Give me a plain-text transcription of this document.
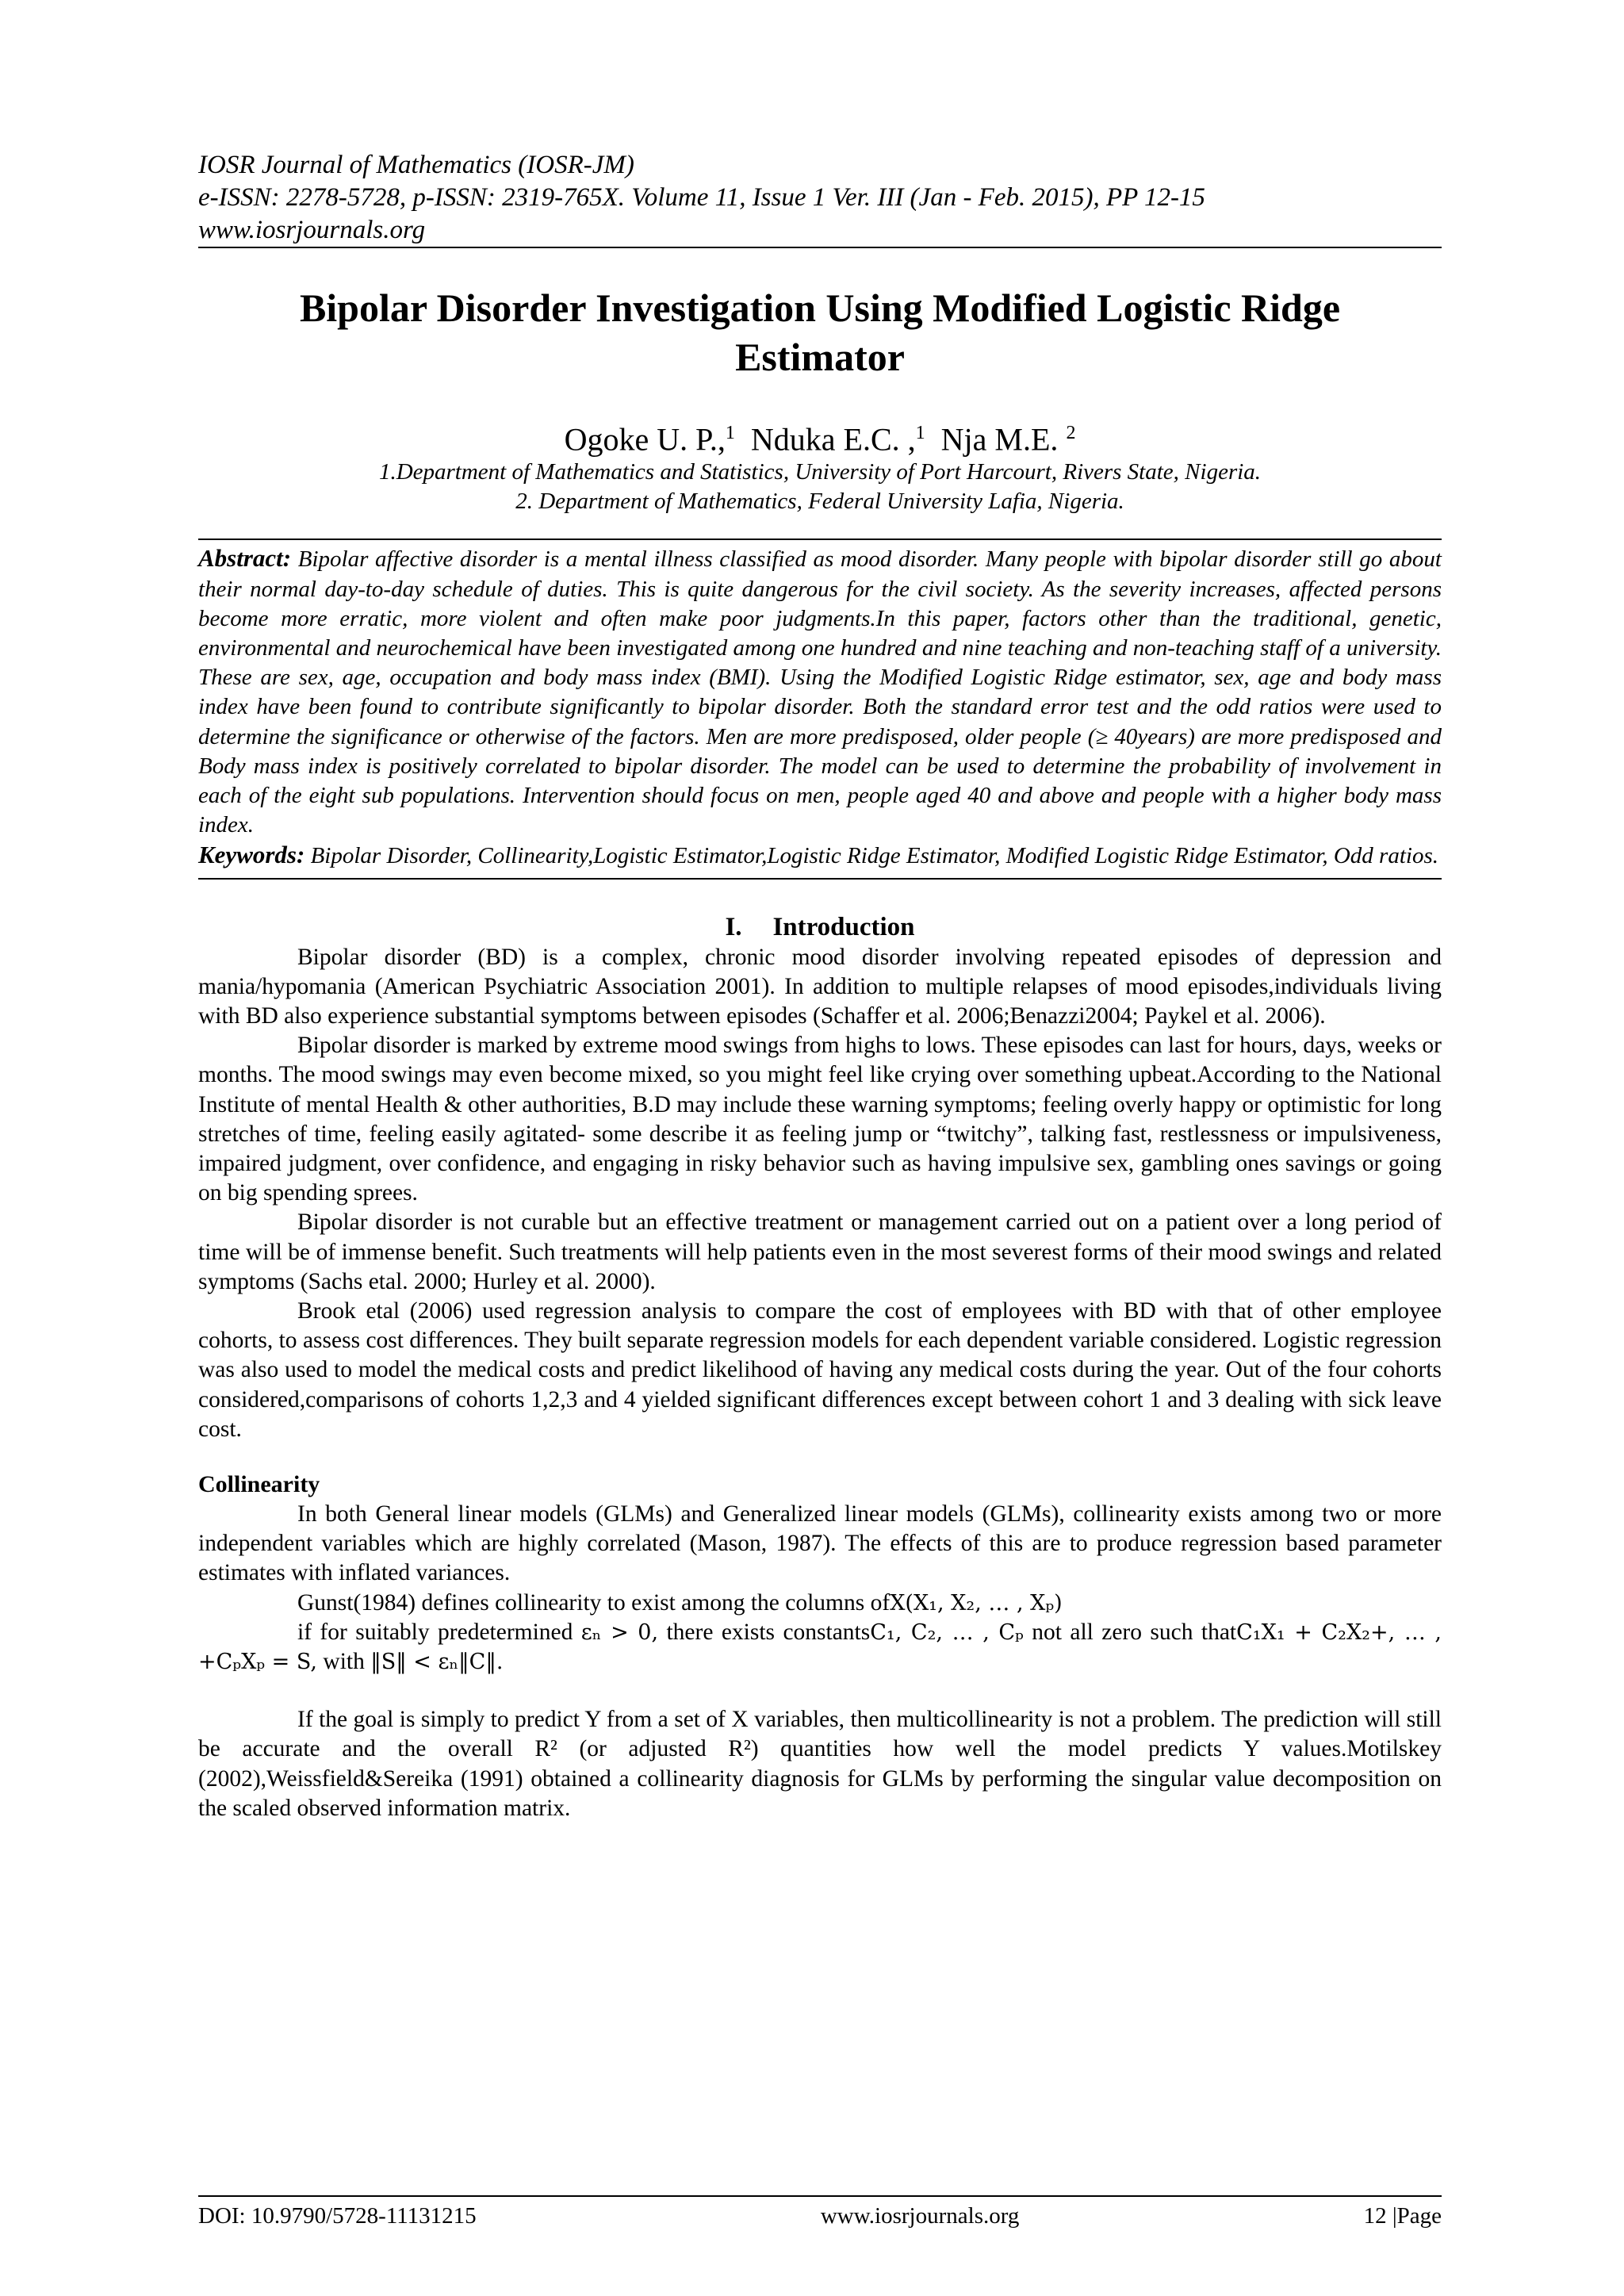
IOSR Journal of Mathematics (IOSR-JM)
e-ISSN: 2278-5728, p-ISSN: 2319-765X. Volume 11, Issue 1 Ver. III (Jan - Feb. 2015), PP 12-15
www.iosrjournals.org
Bipolar Disorder Investigation Using Modified Logistic Ridge Estimator
Ogoke U. P.,$^1$ Nduka E.C. ,$^1$ Nja M.E. $^2$
1.Department of Mathematics and Statistics, University of Port Harcourt, Rivers State, Nigeria.
2. Department of Mathematics, Federal University Lafia, Nigeria.
Abstract: Bipolar affective disorder is a mental illness classified as mood disorder. Many people with bipolar disorder still go about their normal day-to-day schedule of duties. This is quite dangerous for the civil society. As the severity increases, affected persons become more erratic, more violent and often make poor judgments.In this paper, factors other than the traditional, genetic, environmental and neurochemical have been investigated among one hundred and nine teaching and non-teaching staff of a university. These are sex, age, occupation and body mass index (BMI). Using the Modified Logistic Ridge estimator, sex, age and body mass index have been found to contribute significantly to bipolar disorder. Both the standard error test and the odd ratios were used to determine the significance or otherwise of the factors. Men are more predisposed, older people (≥ 40years) are more predisposed and Body mass index is positively correlated to bipolar disorder. The model can be used to determine the probability of involvement in each of the eight sub populations. Intervention should focus on men, people aged 40 and above and people with a higher body mass index.
Keywords: Bipolar Disorder, Collinearity,Logistic Estimator,Logistic Ridge Estimator, Modified Logistic Ridge Estimator, Odd ratios.
I. Introduction

Bipolar disorder (BD) is a complex, chronic mood disorder involving repeated episodes of depression and mania/hypomania (American Psychiatric Association 2001). In addition to multiple relapses of mood episodes,individuals living with BD also experience substantial symptoms between episodes (Schaffer et al. 2006;Benazzi2004; Paykel et al. 2006).

Bipolar disorder is marked by extreme mood swings from highs to lows. These episodes can last for hours, days, weeks or months. The mood swings may even become mixed, so you might feel like crying over something upbeat.According to the National Institute of mental Health & other authorities, B.D may include these warning symptoms; feeling overly happy or optimistic for long stretches of time, feeling easily agitated- some describe it as feeling jump or “twitchy”, talking fast, restlessness or impulsiveness, impaired judgment, over confidence, and engaging in risky behavior such as having impulsive sex, gambling ones savings or going on big spending sprees.

Bipolar disorder is not curable but an effective treatment or management carried out on a patient over a long period of time will be of immense benefit. Such treatments will help patients even in the most severest forms of their mood swings and related symptoms (Sachs etal. 2000; Hurley et al. 2000).

Brook etal (2006) used regression analysis to compare the cost of employees with BD with that of other employee cohorts, to assess cost differences. They built separate regression models for each dependent variable considered. Logistic regression was also used to model the medical costs and predict likelihood of having any medical costs during the year. Out of the four cohorts considered,comparisons of cohorts 1,2,3 and 4 yielded significant differences except between cohort 1 and 3 dealing with sick leave cost.

Collinearity

In both General linear models (GLMs) and Generalized linear models (GLMs), collinearity exists among two or more independent variables which are highly correlated (Mason, 1987). The effects of this are to produce regression based parameter estimates with inflated variances.

Gunst(1984) defines collinearity to exist among the columns ofX(X₁, X₂, … , Xₚ)

if for suitably predetermined εₙ > 0, there exists constantsC₁, C₂, … , Cₚ not all zero such thatC₁X₁ + C₂X₂+, … , +CₚXₚ = S, with ‖S‖ < εₙ‖C‖.

If the goal is simply to predict Y from a set of X variables, then multicollinearity is not a problem. The prediction will still be accurate and the overall R² (or adjusted R²) quantities how well the model predicts Y values.Motilskey (2002),Weissfield&Sereika (1991) obtained a collinearity diagnosis for GLMs by performing the singular value decomposition on the scaled observed information matrix.

DOI: 10.9790/5728-11131215	www.iosrjournals.org	12 |Page
